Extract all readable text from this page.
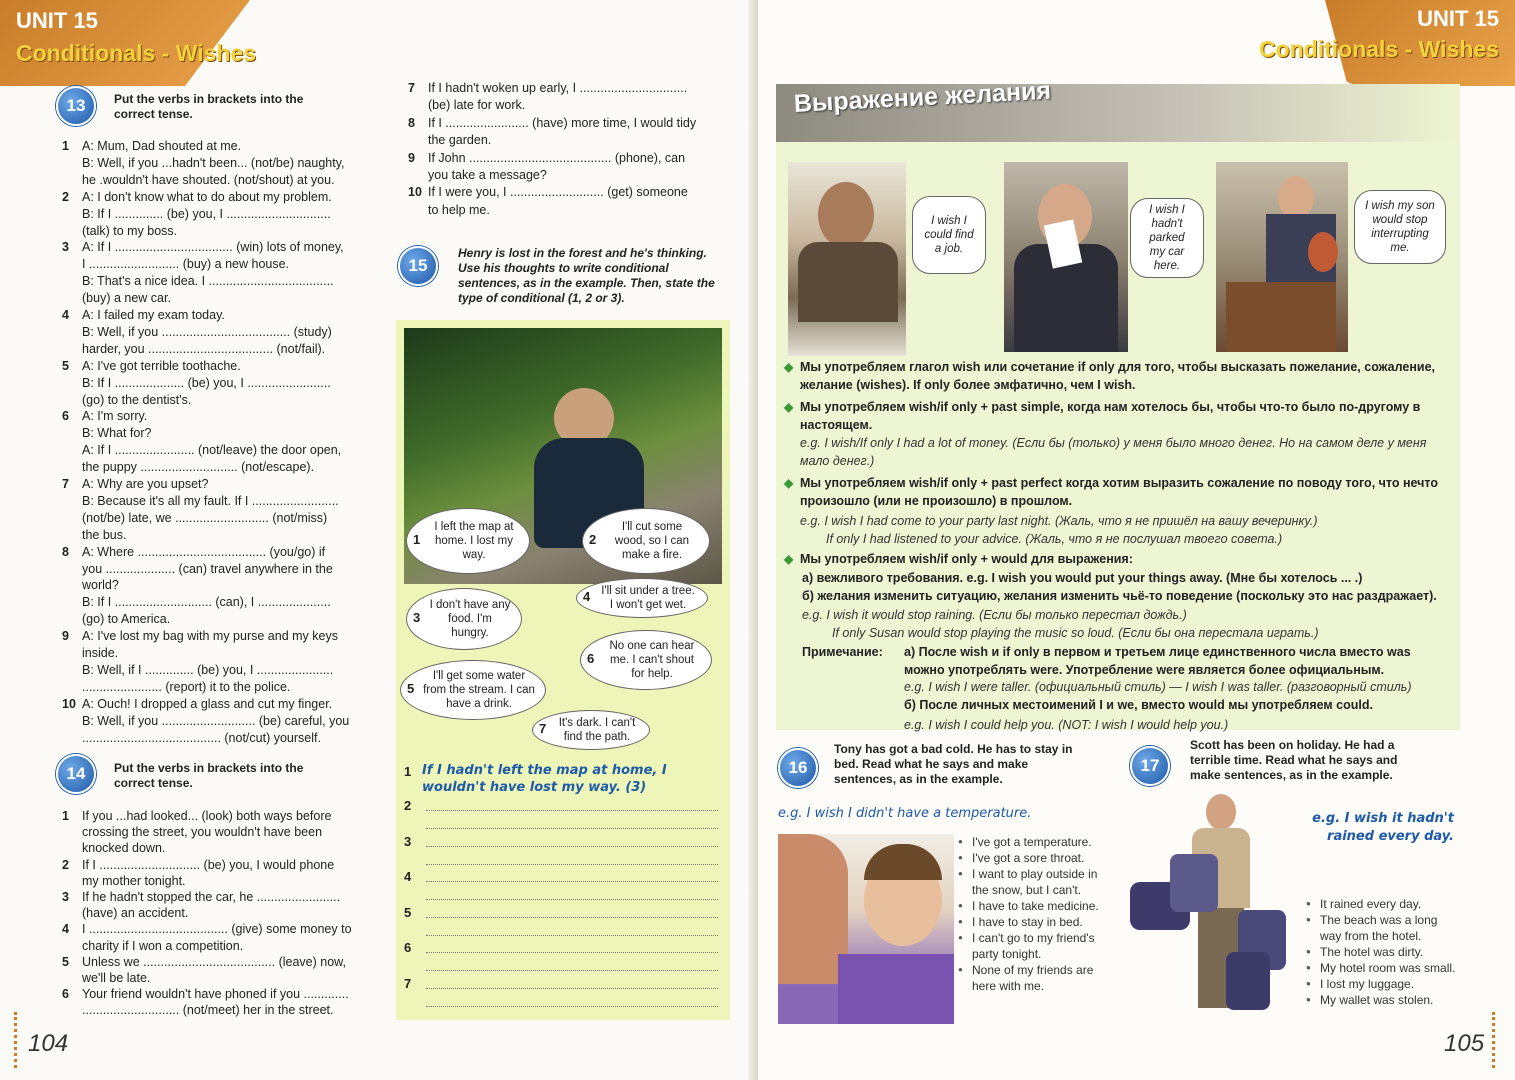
UNIT 15
Conditionals - Wishes
13	Put the verbs in brackets into the correct tense.
1 A: Mum, Dad shouted at me.
B: Well, if you ...hadn't been... (not/be) naughty,
he .wouldn't have shouted. (not/shout) at you.
2 A: I don't know what to do about my problem.
B: If I .............. (be) you, I ..............................
(talk) to my boss.
3 A: If I .................................. (win) lots of money,
I .......................... (buy) a new house.
B: That's a nice idea. I ....................................
(buy) a new car.
4 A: I failed my exam today.
B: Well, if you ..................................... (study)
harder, you .................................... (not/fail).
5 A: I've got terrible toothache.
B: If I .................... (be) you, I ........................
(go) to the dentist's.
6 A: I'm sorry.
B: What for?
A: If I ....................... (not/leave) the door open,
the puppy ............................ (not/escape).
7 A: Why are you upset?
B: Because it's all my fault. If I .........................
(not/be) late, we ........................... (not/miss)
the bus.
8 A: Where ..................................... (you/go) if
you .................... (can) travel anywhere in the
world?
B: If I ............................ (can), I .....................
(go) to America.
9 A: I've lost my bag with my purse and my keys
inside.
B: Well, if I .............. (be) you, I ......................
....................... (report) it to the police.
10 A: Ouch! I dropped a glass and cut my finger.
B: Well, if you ........................... (be) careful, you
........................................ (not/cut) yourself.
14	Put the verbs in brackets into the correct tense.
1 If you ...had looked... (look) both ways before
crossing the street, you wouldn't have been
knocked down.
2 If I ............................. (be) you, I would phone
my mother tonight.
3 If he hadn't stopped the car, he ........................
(have) an accident.
4 I ........................................ (give) some money to
charity if I won a competition.
5 Unless we ...................................... (leave) now,
we'll be late.
6 Your friend wouldn't have phoned if you .............
............................ (not/meet) her in the street.
7 If I hadn't woken up early, I ...............................
(be) late for work.
8 If I ........................ (have) more time, I would tidy
the garden.
9 If John ......................................... (phone), can
you take a message?
10 If I were you, I ........................... (get) someone
to help me.
15
Henry is lost in the forest and he's thinking. Use his thoughts to write conditional sentences, as in the example. Then, state the type of conditional (1, 2 or 3).
1
I left the map at home. I lost my way.
2
I'll cut some wood, so I can make a fire.
3
I don't have any food. I'm hungry.
4 I'll sit under a tree. I won't get wet.
5
I'll get some water from the stream. I can have a drink.
6
No one can hear me. I can't shout for help.
7	It's dark. I can't find the path.
1 If I hadn't left the map at home, I wouldn't have lost my way. (3)
2
3
4
5
6
7
104
UNIT 15
Conditionals - Wishes
Выражение желания
I wish I could find a job.
I wish I hadn't parked my car here.
I wish my son would stop interrupting me.
◆ Мы употребляем глагол wish или сочетание if only для того, чтобы высказать пожелание, сожаление, желание (wishes). If only более эмфатично, чем I wish.
◆ Мы употребляем wish/if only + past simple, когда нам хотелось бы, чтобы что-то было по-другому в настоящем.
e.g. I wish/If only I had a lot of money. (Если бы (только) у меня было много денег. Но на самом деле у меня мало денег.)
◆ Мы употребляем wish/if only + past perfect когда хотим выразить сожаление по поводу того, что нечто произошло (или не произошло) в прошлом.
e.g. I wish I had come to your party last night. (Жаль, что я не пришёл на вашу вечеринку.)
If only I had listened to your advice. (Жаль, что я не послушал твоего совета.)
◆ Мы употребляем wish/if only + would для выражения:
а) вежливого требования. e.g. I wish you would put your things away. (Мне бы хотелось ... .)
б) желания изменить ситуацию, желания изменить чьё-то поведение (поскольку это нас раздражает).
e.g. I wish it would stop raining. (Если бы только перестал дождь.)
If only Susan would stop playing the music so loud. (Если бы она перестала играть.)
Примечание:	а) После wish и if only в первом и третьем лице единственного числа вместо was можно употреблять were. Употребление were является более официальным.
e.g. I wish I were taller. (официальный стиль) — I wish I was taller. (разговорный стиль)
б) После личных местоимений I и we, вместо would мы употребляем could.
e.g. I wish I could help you. (NOT: I wish I would help you.)
16
Tony has got a bad cold. He has to stay in bed. Read what he says and make sentences, as in the example.
e.g. I wish I didn't have a temperature.
● I've got a temperature.
● I've got a sore throat.
● I want to play outside in the snow, but I can't.
● I have to take medicine.
● I have to stay in bed.
● I can't go to my friend's party tonight.
● None of my friends are here with me.
17
Scott has been on holiday. He had a terrible time. Read what he says and make sentences, as in the example.
e.g. I wish it hadn't rained every day.
● It rained every day.
● The beach was a long way from the hotel.
● The hotel was dirty.
● My hotel room was small.
● I lost my luggage.
● My wallet was stolen.
105
